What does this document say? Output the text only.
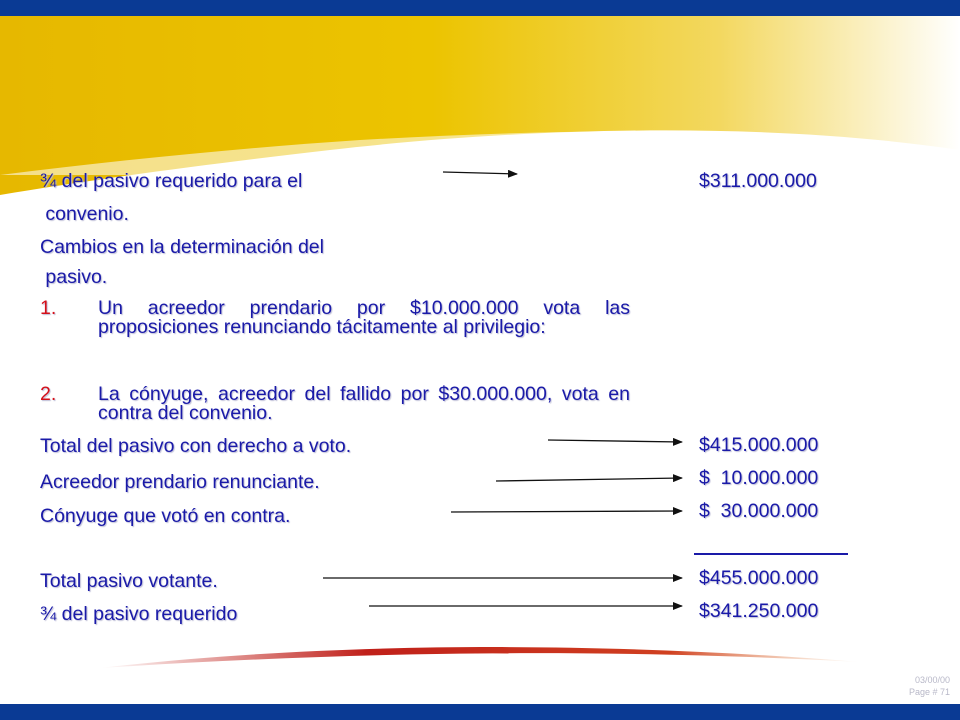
¾ del pasivo requerido para el
convenio.
Cambios en la determinación del
pasivo.
1. Un acreedor prendario por $10.000.000 vota las proposiciones renunciando tácitamente al privilegio:
2. La cónyuge, acreedor del fallido por $30.000.000, vota en contra del convenio.
Total del pasivo con derecho a voto.
Acreedor prendario renunciante.
Cónyuge que votó en contra.
Total pasivo votante.
¾ del pasivo requerido
$311.000.000
$415.000.000
$  10.000.000
$  30.000.000
$455.000.000
$341.250.000
03/00/00
Page # 71
